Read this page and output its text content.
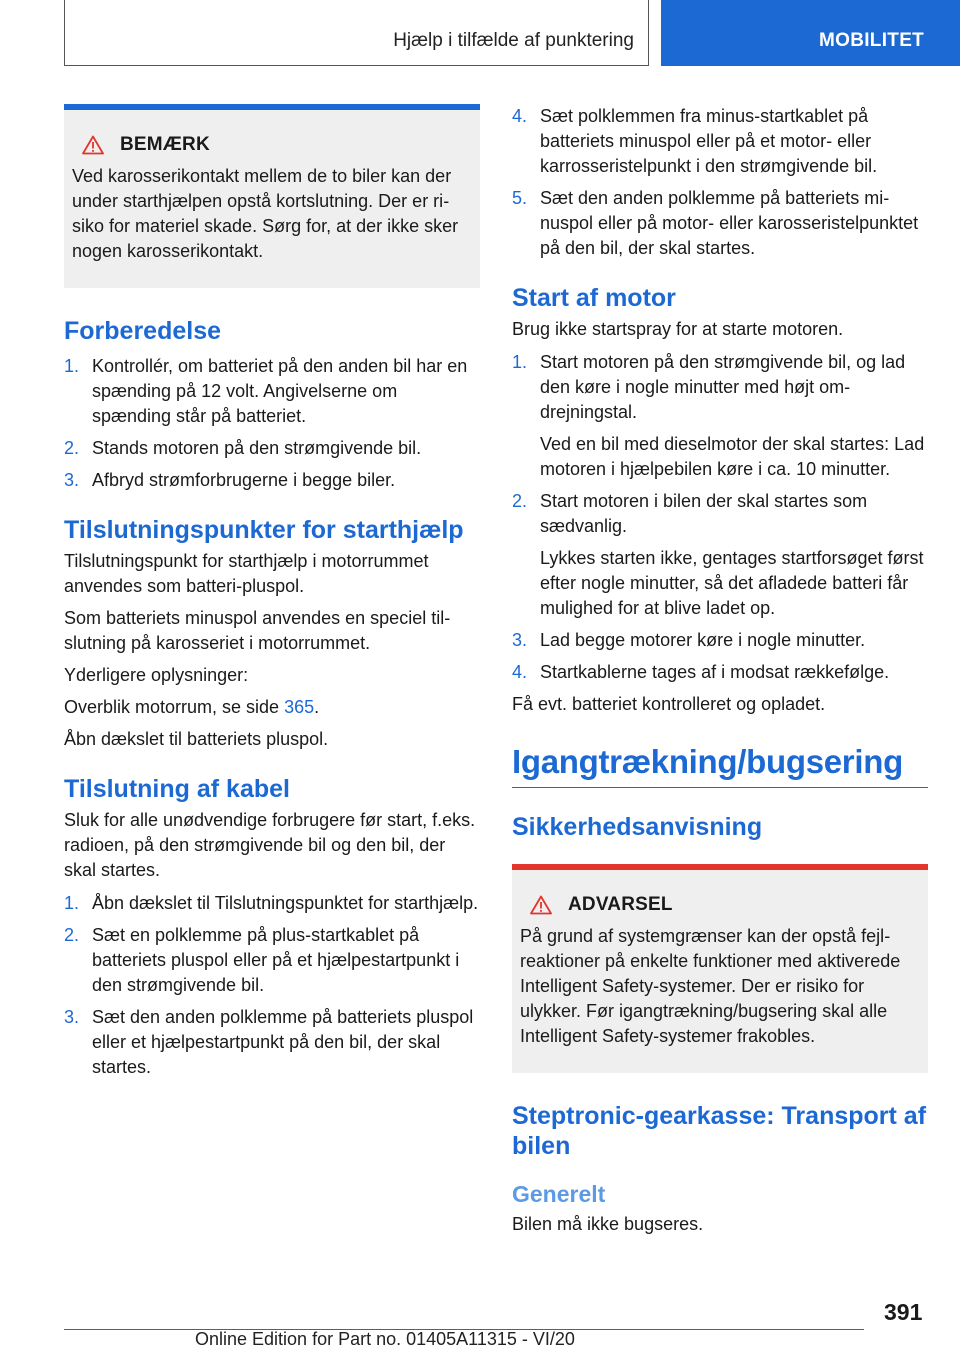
Hjælp i tilfælde af punktering	MOBILITET
BEMÆRK

Ved karosserikontakt mellem de to biler kan der under starthjælpen opstå kortslutning. Der er risiko for materiel skade. Sørg for, at der ikke sker nogen karosserikontakt.

Forberedelse
1. Kontrollér, om batteriet på den anden bil har en spænding på 12 volt. Angivelserne om spænding står på batteriet.
2. Stands motoren på den strømgivende bil.
3. Afbryd strømforbrugerne i begge biler.
Tilslutningspunkter for starthjælp

Tilslutningspunkt for starthjælp i motorrummet anvendes som batteri-pluspol.

Som batteriets minuspol anvendes en speciel tilslutning på karosseriet i motorrummet.

Yderligere oplysninger:

Overblik motorrum, se side 365.

Åbn dækslet til batteriets pluspol.

Tilslutning af kabel

Sluk for alle unødvendige forbrugere før start, f.eks. radioen, på den strømgivende bil og den bil, der skal startes.

1. Åbn dækslet til Tilslutningspunktet for starthjælp.
2. Sæt en polklemme på plus-startkablet på batteriets pluspol eller på et hjælpestartpunkt i den strømgivende bil.
3. Sæt den anden polklemme på batteriets pluspol eller et hjælpestartpunkt på den bil, der skal startes.
4. Sæt polklemmen fra minus-startkablet på batteriets minuspol eller på et motor- eller karrosseristelpunkt i den strømgivende bil.
5. Sæt den anden polklemme på batteriets minuspol eller på motor- eller karosseristelpunktet på den bil, der skal startes.
Start af motor

Brug ikke startspray for at starte motoren.

1. Start motoren på den strømgivende bil, og lad den køre i nogle minutter med højt omdrejningstal.
Ved en bil med dieselmotor der skal startes: Lad motoren i hjælpebilen køre i ca. 10 minutter.
2. Start motoren i bilen der skal startes som sædvanlig.
Lykkes starten ikke, gentages startforsøget først efter nogle minutter, så det afladede batteri får mulighed for at blive ladet op.
3. Lad begge motorer køre i nogle minutter.
4. Startkablerne tages af i modsat rækkefølge.

Få evt. batteriet kontrolleret og opladet.

Igangtrækning/bugsering
Sikkerhedsanvisning
ADVARSEL

På grund af systemgrænser kan der opstå fejlreaktioner på enkelte funktioner med aktiverede Intelligent Safety-systemer. Der er risiko for ulykker. Før igangtrækning/bugsering skal alle Intelligent Safety-systemer frakobles.

Steptronic-gearkasse: Transport af bilen
Generelt

Bilen må ikke bugseres.

391
Online Edition for Part no. 01405A11315 - VI/20
